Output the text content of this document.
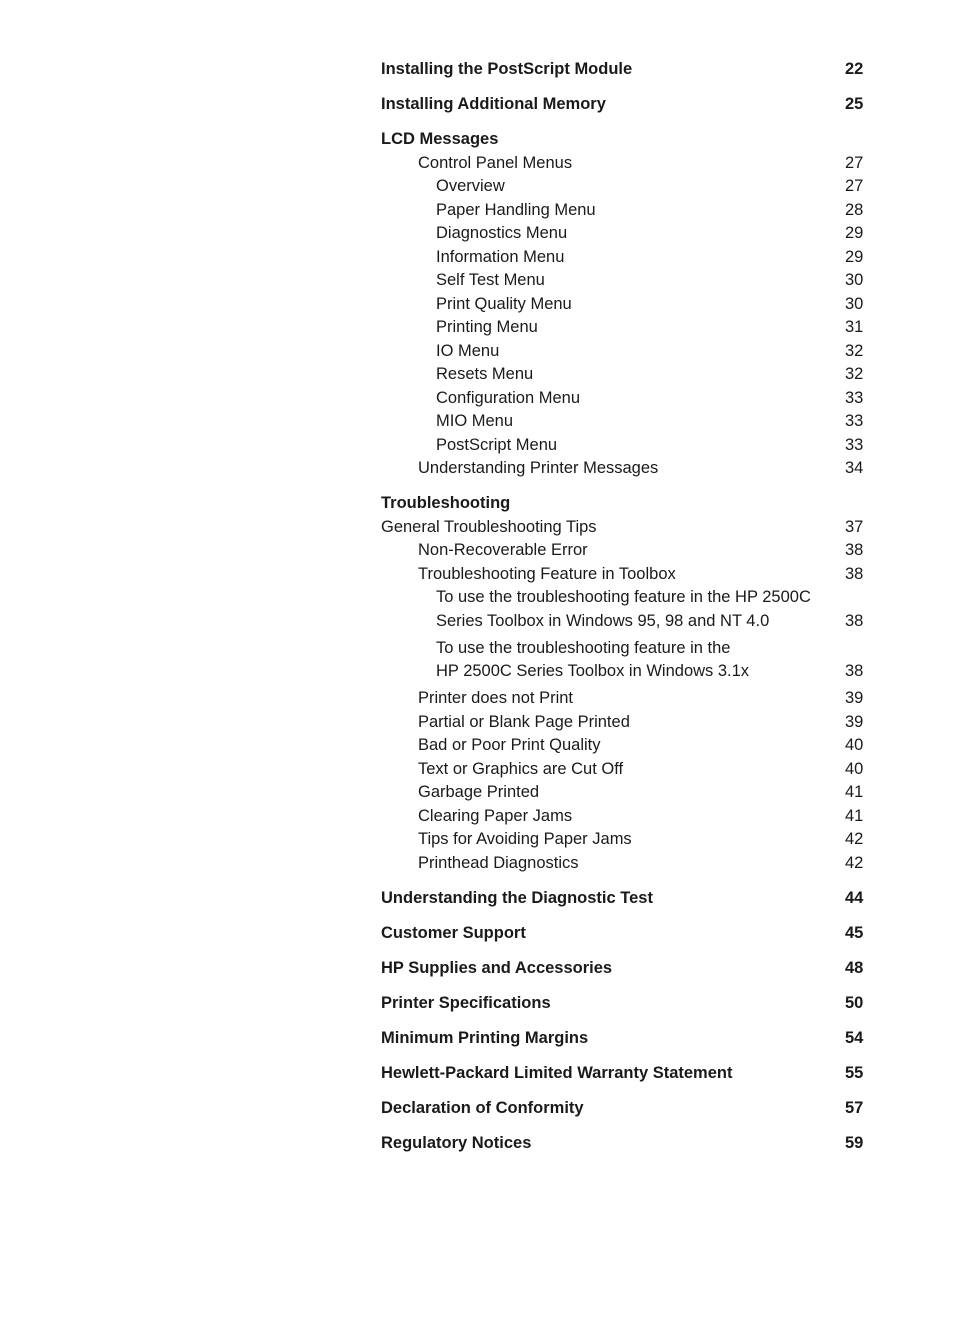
Installing the PostScript Module	22
Installing Additional Memory	25
LCD Messages
Control Panel Menus	27
Overview	27
Paper Handling Menu	28
Diagnostics Menu	29
Information Menu	29
Self Test Menu	30
Print Quality Menu	30
Printing Menu	31
IO Menu	32
Resets Menu	32
Configuration Menu	33
MIO Menu	33
PostScript Menu	33
Understanding Printer Messages	34
Troubleshooting
General Troubleshooting Tips	37
Non-Recoverable Error	38
Troubleshooting Feature in Toolbox	38
To use the troubleshooting feature in the HP 2500C
Series Toolbox in Windows 95, 98 and NT 4.0	38
To use the troubleshooting feature in the
HP 2500C Series Toolbox in Windows 3.1x	38
Printer does not Print	39
Partial or Blank Page Printed	39
Bad or Poor Print Quality	40
Text or Graphics are Cut Off	40
Garbage Printed	41
Clearing Paper Jams	41
Tips for Avoiding Paper Jams	42
Printhead Diagnostics	42
Understanding the Diagnostic Test	44
Customer Support	45
HP Supplies and Accessories	48
Printer Specifications	50
Minimum Printing Margins	54
Hewlett-Packard Limited Warranty Statement	55
Declaration of Conformity	57
Regulatory Notices	59
